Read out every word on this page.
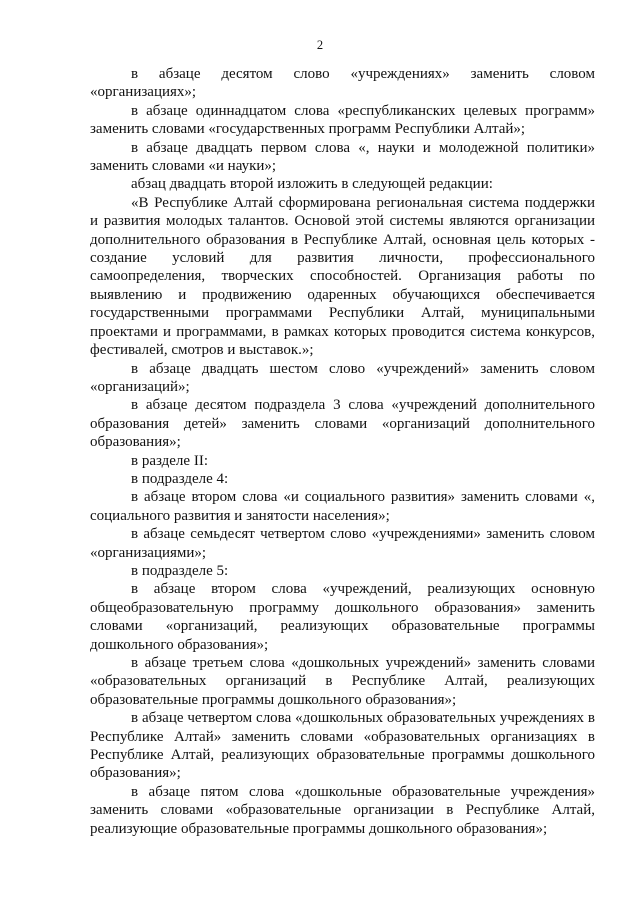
2

в абзаце десятом слово «учреждениях» заменить словом «организациях»;

в абзаце одиннадцатом слова «республиканских целевых программ» заменить словами «государственных программ Республики Алтай»;

в абзаце двадцать первом слова «, науки и молодежной политики» заменить словами «и науки»;

абзац двадцать второй изложить в следующей редакции:

«В Республике Алтай сформирована региональная система поддержки и развития молодых талантов. Основой этой системы являются организации дополнительного образования в Республике Алтай, основная цель которых - создание условий для развития личности, профессионального самоопределения, творческих способностей. Организация работы по выявлению и продвижению одаренных обучающихся обеспечивается государственными программами Республики Алтай, муниципальными проектами и программами, в рамках которых проводится система конкурсов, фестивалей, смотров и выставок.»;

в абзаце двадцать шестом слово «учреждений» заменить словом «организаций»;

в абзаце десятом подраздела 3 слова «учреждений дополнительного образования детей» заменить словами «организаций дополнительного образования»;

в разделе II:

в подразделе 4:

в абзаце втором слова «и социального развития» заменить словами «, социального развития и занятости населения»;

в абзаце семьдесят четвертом слово «учреждениями» заменить словом «организациями»;

в подразделе 5:

в абзаце втором слова «учреждений, реализующих основную общеобразовательную программу дошкольного образования» заменить словами «организаций, реализующих образовательные программы дошкольного образования»;

в абзаце третьем слова «дошкольных учреждений» заменить словами «образовательных организаций в Республике Алтай, реализующих образовательные программы дошкольного образования»;

в абзаце четвертом слова «дошкольных образовательных учреждениях в Республике Алтай» заменить словами «образовательных организациях в Республике Алтай, реализующих образовательные программы дошкольного образования»;

в абзаце пятом слова «дошкольные образовательные учреждения» заменить словами «образовательные организации в Республике Алтай, реализующие образовательные программы дошкольного образования»;
